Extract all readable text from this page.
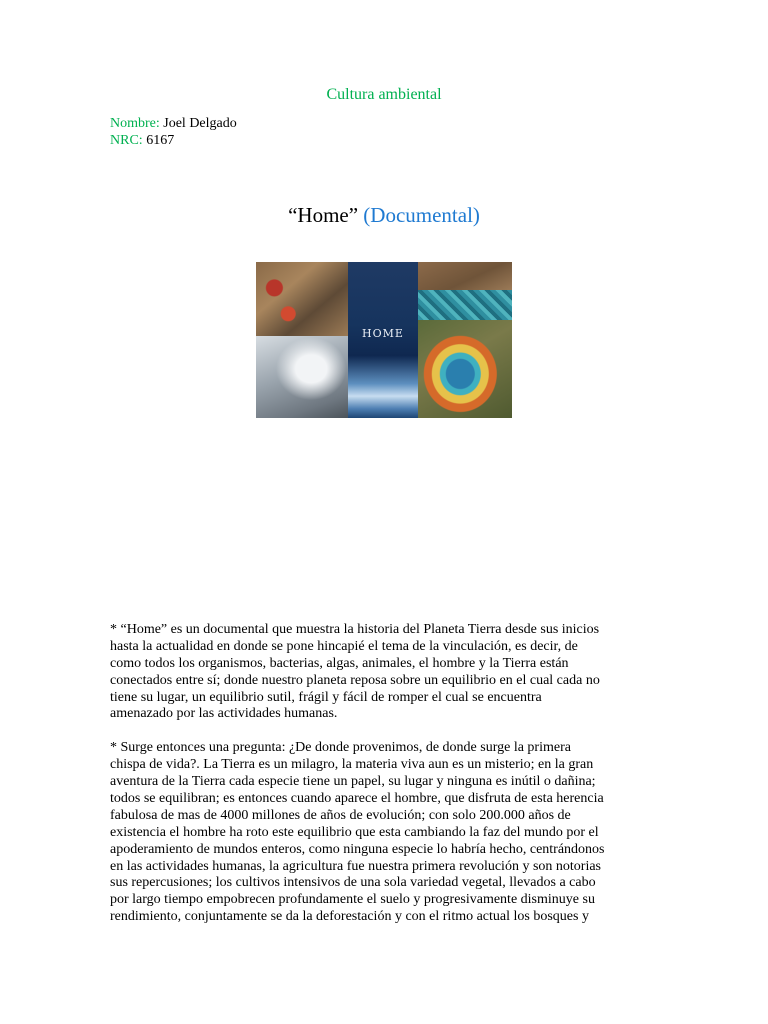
Cultura ambiental
Nombre: Joel Delgado
NRC: 6167
“Home” (Documental)
HOME
* “Home” es un documental que muestra la historia del Planeta Tierra desde sus inicios
hasta la actualidad en donde se pone hincapié el tema de la vinculación, es decir, de
como todos los organismos, bacterias, algas, animales, el hombre y la Tierra están
conectados entre sí; donde nuestro planeta reposa sobre un equilibrio en el cual cada no
tiene su lugar, un equilibrio sutil, frágil y fácil de romper el cual se encuentra
amenazado por las actividades humanas.
* Surge entonces una pregunta: ¿De donde provenimos, de donde surge la primera
chispa de vida?. La Tierra es un milagro, la materia viva aun es un misterio; en la gran
aventura de la Tierra cada especie tiene un papel, su lugar y ninguna es inútil o dañina;
todos se equilibran; es entonces cuando aparece el hombre, que disfruta de esta herencia
fabulosa de mas de 4000 millones de años de evolución; con solo 200.000 años de
existencia el hombre ha roto este equilibrio que esta cambiando la faz del mundo por el
apoderamiento de mundos enteros, como ninguna especie lo habría hecho, centrándonos
en las actividades humanas, la agricultura fue nuestra primera revolución y son notorias
sus repercusiones; los cultivos intensivos de una sola variedad vegetal, llevados a cabo
por largo tiempo empobrecen profundamente el suelo y progresivamente disminuye su
rendimiento, conjuntamente se da la deforestación y con el ritmo actual los bosques y
